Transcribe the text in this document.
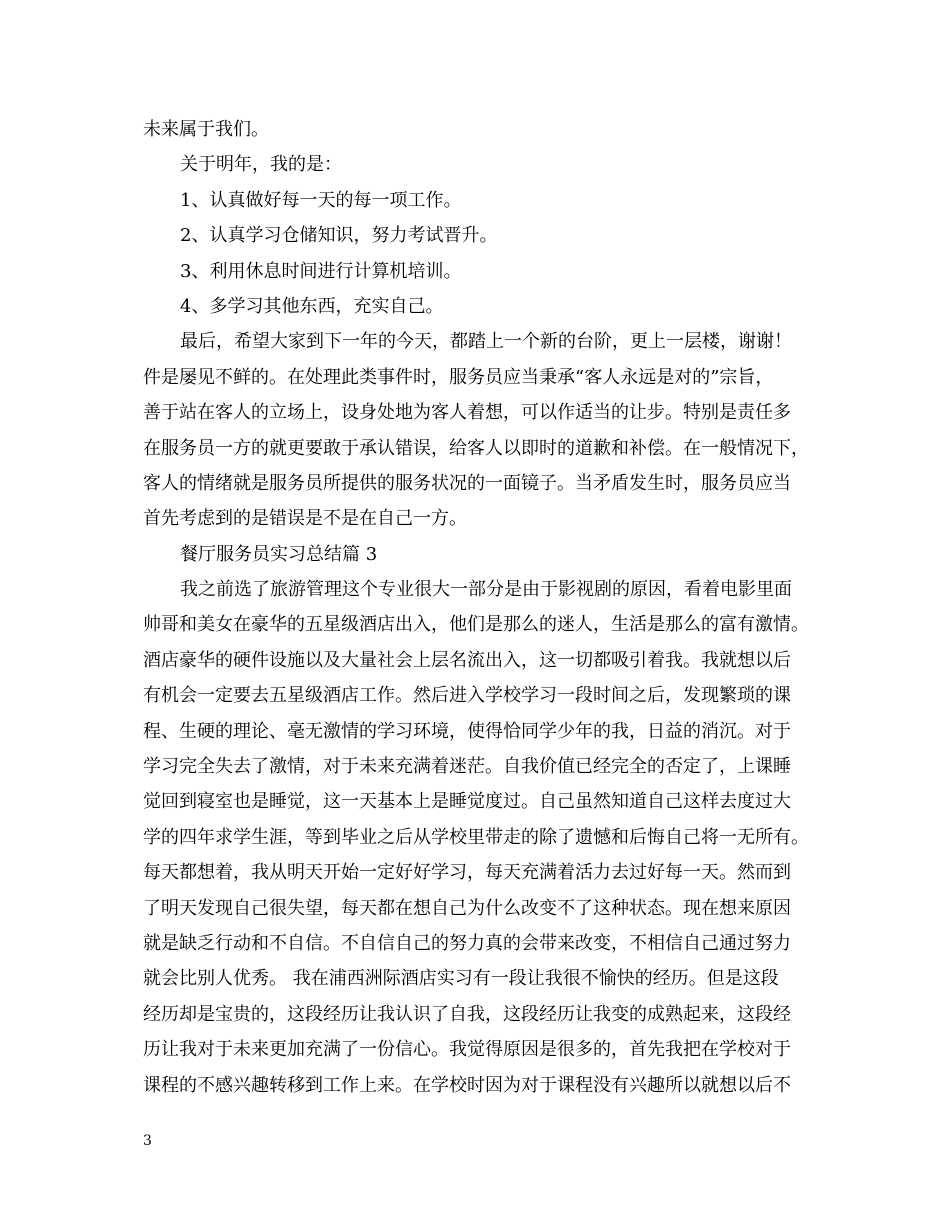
未来属于我们。
关于明年，我的是：
1、认真做好每一天的每一项工作。
2、认真学习仓储知识，努力考试晋升。
3、利用休息时间进行计算机培训。
4、多学习其他东西，充实自己。
最后，希望大家到下一年的今天，都踏上一个新的台阶，更上一层楼，谢谢！
件是屡见不鲜的。在处理此类事件时，服务员应当秉承“客人永远是对的”宗旨，
善于站在客人的立场上，设身处地为客人着想，可以作适当的让步。特别是责任多
在服务员一方的就更要敢于承认错误，给客人以即时的道歉和补偿。在一般情况下，
客人的情绪就是服务员所提供的服务状况的一面镜子。当矛盾发生时，服务员应当
首先考虑到的是错误是不是在自己一方。
餐厅服务员实习总结篇 3
我之前选了旅游管理这个专业很大一部分是由于影视剧的原因，看着电影里面
帅哥和美女在豪华的五星级酒店出入，他们是那么的迷人，生活是那么的富有激情。
酒店豪华的硬件设施以及大量社会上层名流出入，这一切都吸引着我。我就想以后
有机会一定要去五星级酒店工作。然后进入学校学习一段时间之后，发现繁琐的课
程、生硬的理论、毫无激情的学习环境，使得恰同学少年的我，日益的消沉。对于
学习完全失去了激情，对于未来充满着迷茫。自我价值已经完全的否定了，上课睡
觉回到寝室也是睡觉，这一天基本上是睡觉度过。自己虽然知道自己这样去度过大
学的四年求学生涯，等到毕业之后从学校里带走的除了遗憾和后悔自己将一无所有。
每天都想着，我从明天开始一定好好学习，每天充满着活力去过好每一天。然而到
了明天发现自己很失望，每天都在想自己为什么改变不了这种状态。现在想来原因
就是缺乏行动和不自信。不自信自己的努力真的会带来改变，不相信自己通过努力
就会比别人优秀。 我在浦西洲际酒店实习有一段让我很不愉快的经历。但是这段
经历却是宝贵的，这段经历让我认识了自我，这段经历让我变的成熟起来，这段经
历让我对于未来更加充满了一份信心。我觉得原因是很多的，首先我把在学校对于
课程的不感兴趣转移到工作上来。在学校时因为对于课程没有兴趣所以就想以后不
3
